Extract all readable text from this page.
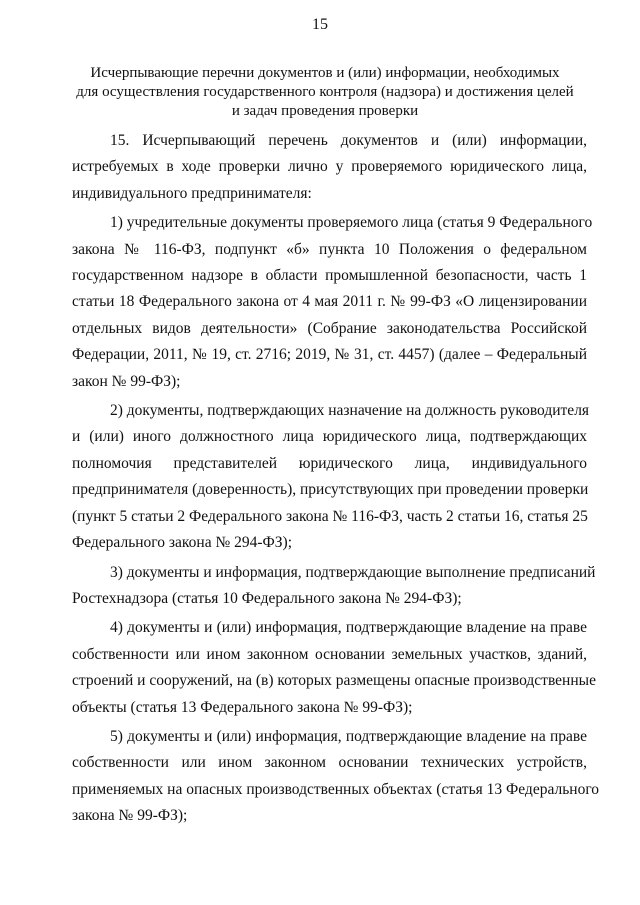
15
Исчерпывающие перечни документов и (или) информации, необходимых
для осуществления государственного контроля (надзора) и достижения целей
и задач проведения проверки
15. Исчерпывающий перечень документов и (или) информации,
истребуемых в ходе проверки лично у проверяемого юридического лица,
индивидуального предпринимателя:
1) учредительные документы проверяемого лица (статья 9 Федерального
закона № 116-ФЗ, подпункт «б» пункта 10 Положения о федеральном
государственном надзоре в области промышленной безопасности, часть 1
статьи 18 Федерального закона от 4 мая 2011 г. № 99-ФЗ «О лицензировании
отдельных видов деятельности» (Собрание законодательства Российской
Федерации, 2011, № 19, ст. 2716; 2019, № 31, ст. 4457) (далее – Федеральный
закон № 99-ФЗ);
2) документы, подтверждающих назначение на должность руководителя
и (или) иного должностного лица юридического лица, подтверждающих
полномочия представителей юридического лица, индивидуального
предпринимателя (доверенность), присутствующих при проведении проверки
(пункт 5 статьи 2 Федерального закона № 116-ФЗ, часть 2 статьи 16, статья 25
Федерального закона № 294-ФЗ);
3) документы и информация, подтверждающие выполнение предписаний
Ростехнадзора (статья 10 Федерального закона № 294-ФЗ);
4) документы и (или) информация, подтверждающие владение на праве
собственности или ином законном основании земельных участков, зданий,
строений и сооружений, на (в) которых размещены опасные производственные
объекты (статья 13 Федерального закона № 99-ФЗ);
5) документы и (или) информация, подтверждающие владение на праве
собственности или ином законном основании технических устройств,
применяемых на опасных производственных объектах (статья 13 Федерального
закона № 99-ФЗ);
